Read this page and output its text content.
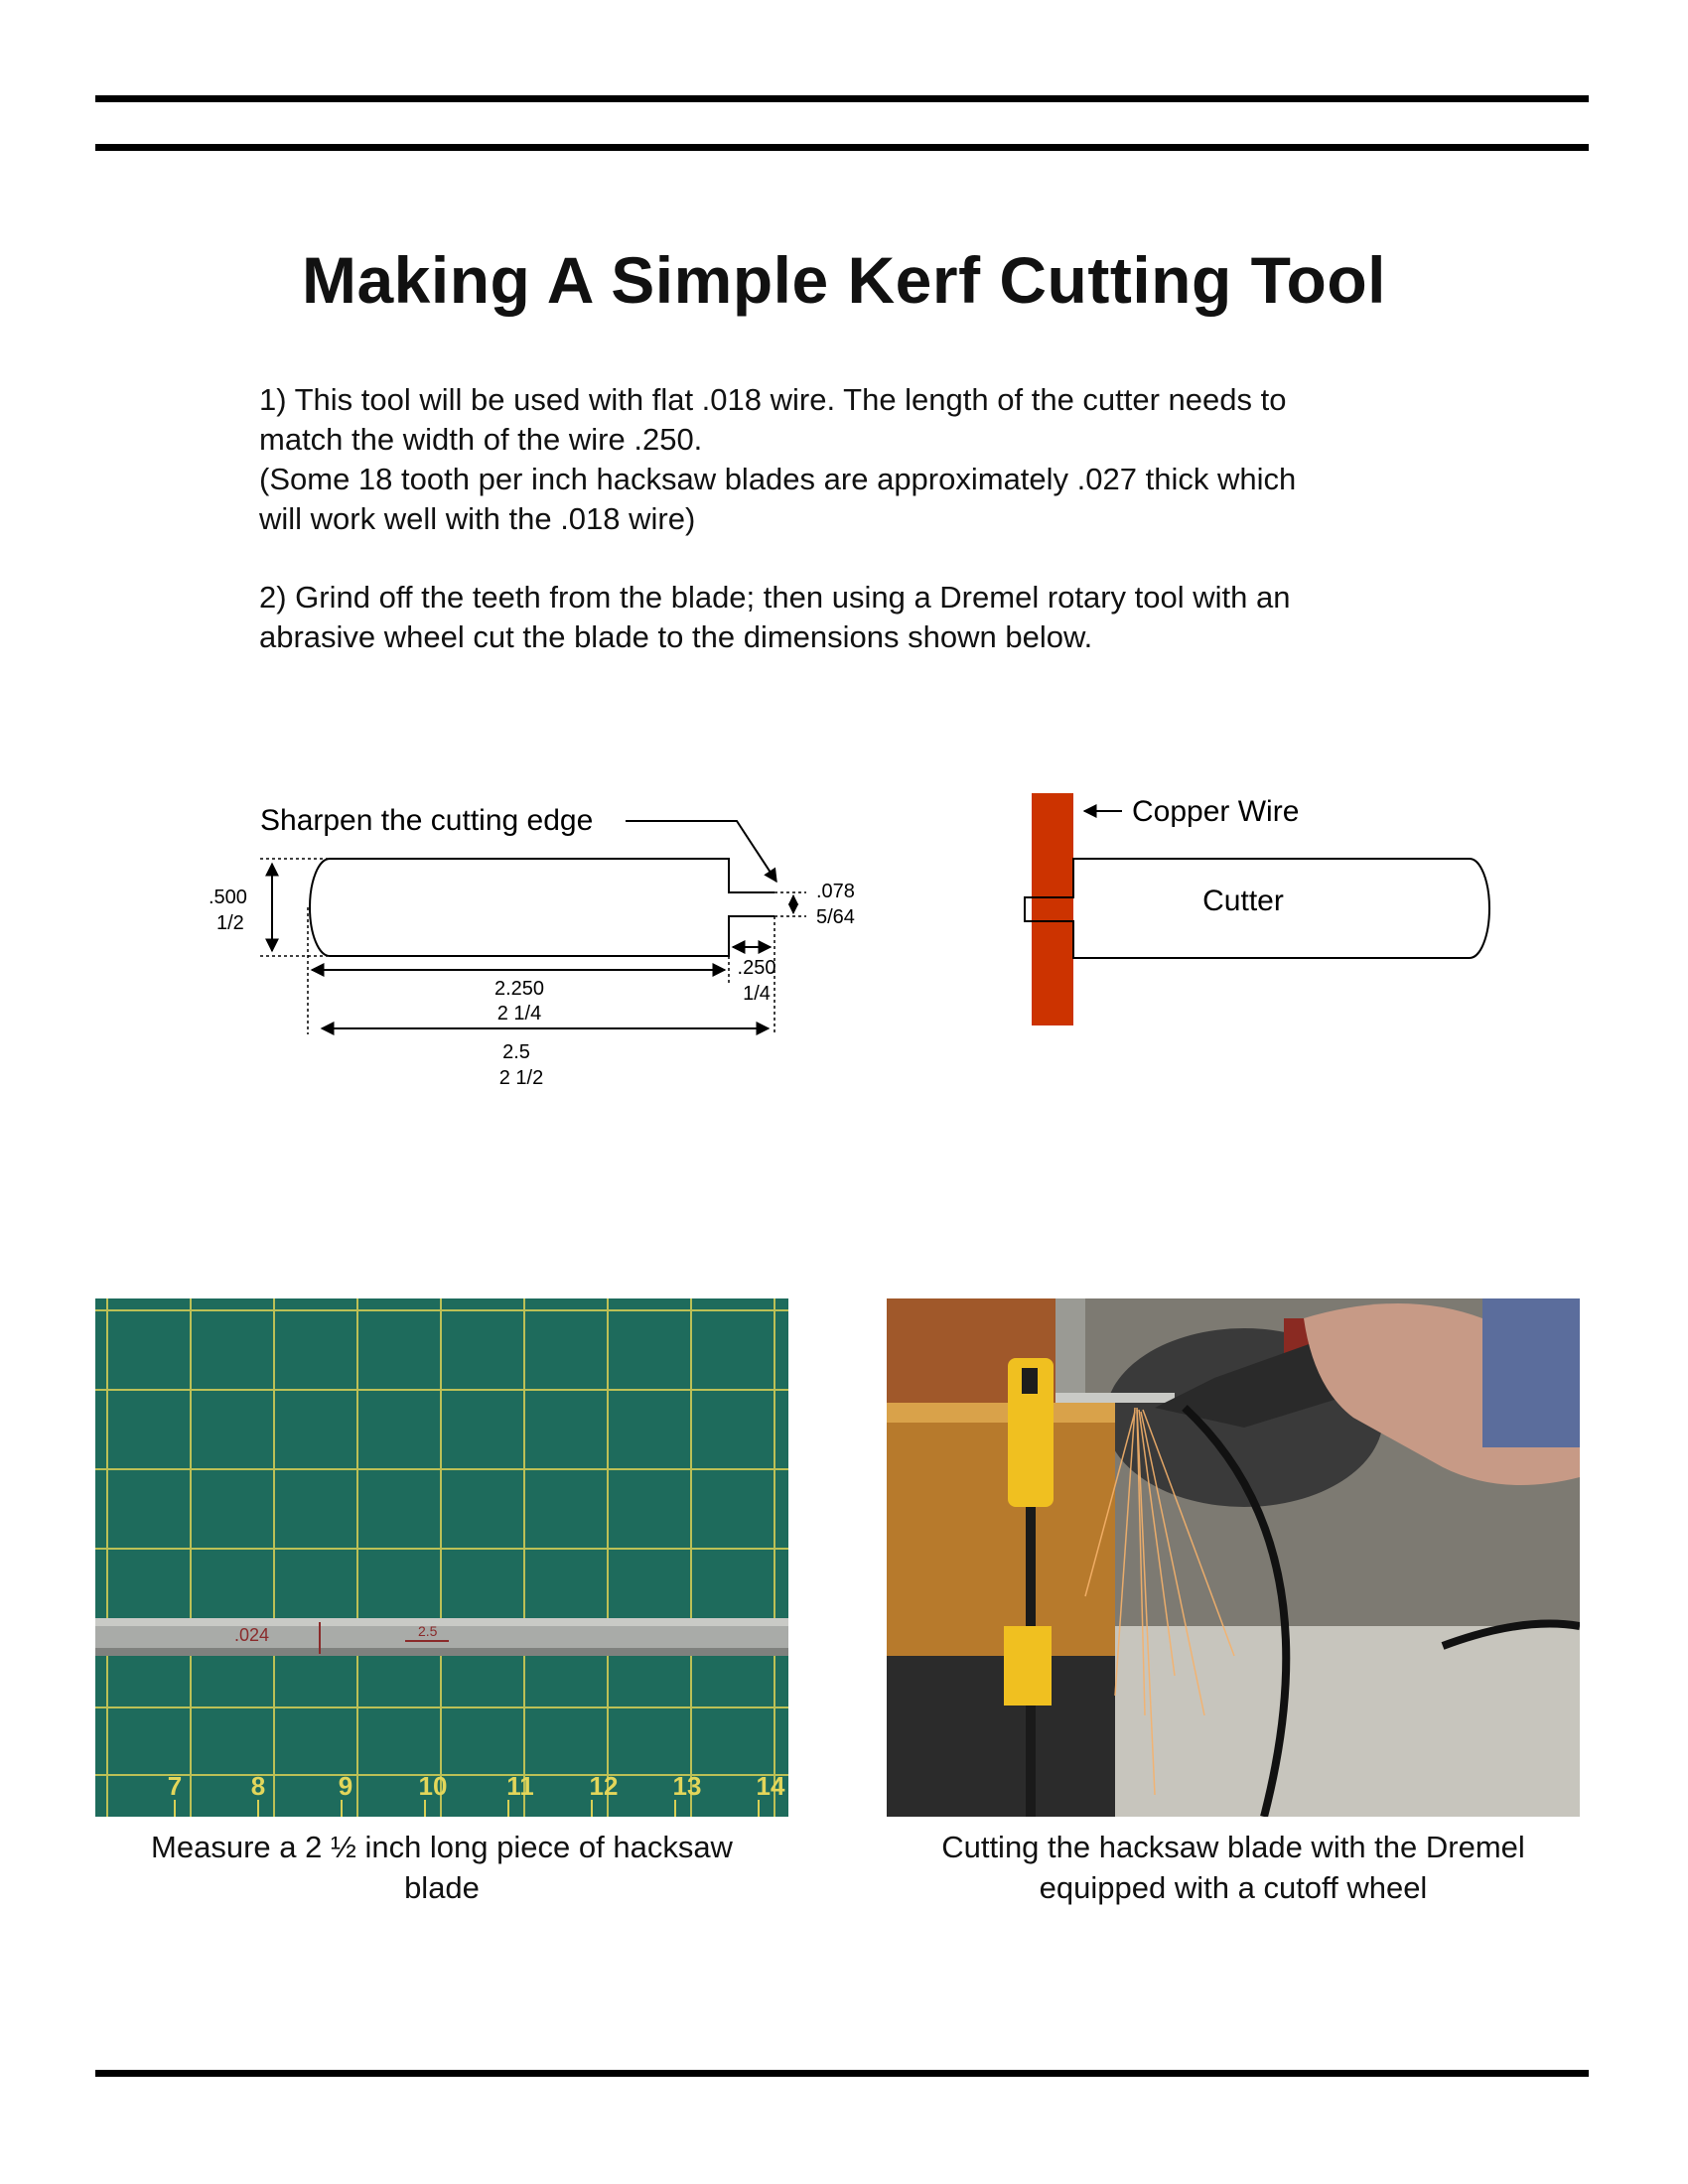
Making A Simple Kerf Cutting Tool

1) This tool will be used with flat .018 wire. The length of the cutter needs to
match the width of the wire .250.
(Some 18 tooth per inch hacksaw blades are approximately .027 thick which
will work well with the .018 wire)

2) Grind off the teeth from the blade; then using a Dremel rotary tool with an
abrasive wheel cut the blade to the dimensions shown below.

Sharpen the cutting edge
.500
1/2
.078
5/64
2.250
2 1/4
.250
1/4
2.5
2 1/2
Copper Wire
Cutter
.024	2.5
7	8	9	10 11 12 13 14

Measure a 2 ½ inch long piece of hacksaw
blade

Cutting the hacksaw blade with the Dremel
equipped with a cutoff wheel
